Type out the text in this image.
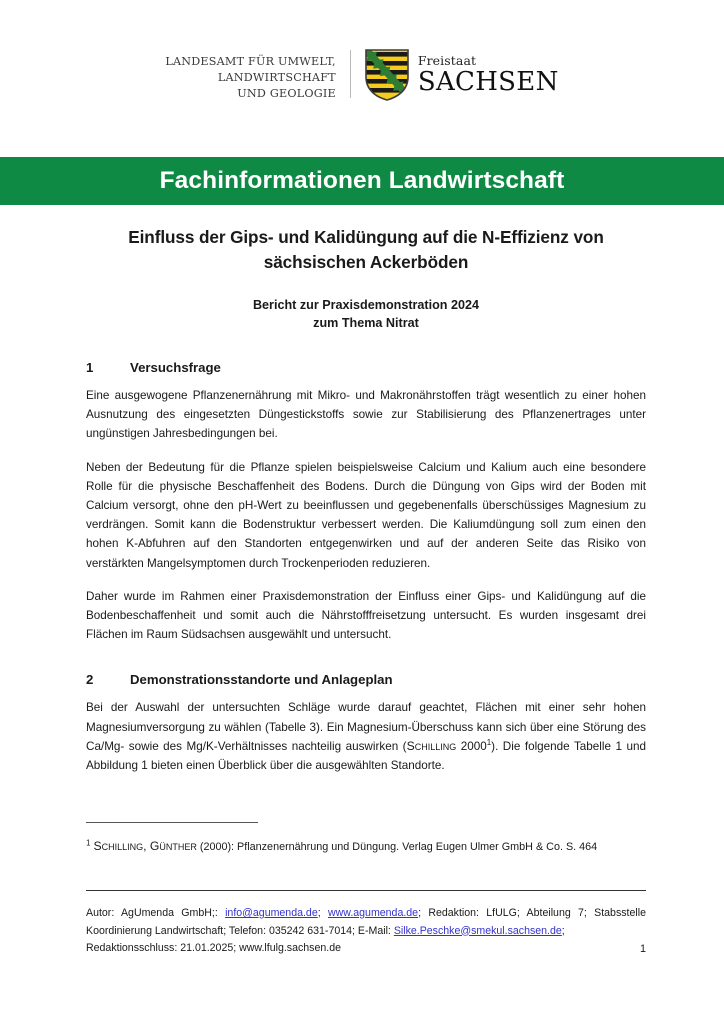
LANDESAMT FÜR UMWELT,
LANDWIRTSCHAFT
UND GEOLOGIE
Freistaat
SACHSEN
Fachinformationen Landwirtschaft
Einfluss der Gips- und Kalidüngung auf die N-Effizienz von sächsischen Ackerböden
Bericht zur Praxisdemonstration 2024
zum Thema Nitrat
1	Versuchsfrage

Eine ausgewogene Pflanzenernährung mit Mikro- und Makronährstoffen trägt wesentlich zu einer hohen Ausnutzung des eingesetzten Düngestickstoffs sowie zur Stabilisierung des Pflanzenertrages unter ungünstigen Jahresbedingungen bei.

Neben der Bedeutung für die Pflanze spielen beispielsweise Calcium und Kalium auch eine besondere Rolle für die physische Beschaffenheit des Bodens. Durch die Düngung von Gips wird der Boden mit Calcium versorgt, ohne den pH-Wert zu beeinflussen und gegebenenfalls überschüssiges Magnesium zu verdrängen. Somit kann die Bodenstruktur verbessert werden. Die Kaliumdüngung soll zum einen den hohen K-Abfuhren auf den Standorten entgegenwirken und auf der anderen Seite das Risiko von verstärkten Mangelsymptomen durch Trockenperioden reduzieren.

Daher wurde im Rahmen einer Praxisdemonstration der Einfluss einer Gips- und Kalidüngung auf die Bodenbeschaffenheit und somit auch die Nährstofffreisetzung untersucht. Es wurden insgesamt drei Flächen im Raum Südsachsen ausgewählt und untersucht.

2	Demonstrationsstandorte und Anlageplan

Bei der Auswahl der untersuchten Schläge wurde darauf geachtet, Flächen mit einer sehr hohen Magnesiumversorgung zu wählen (Tabelle 3). Ein Magnesium-Überschuss kann sich über eine Störung des Ca/Mg- sowie des Mg/K-Verhältnisses nachteilig auswirken (Schilling 2000$^1$). Die folgende Tabelle 1 und Abbildung 1 bieten einen Überblick über die ausgewählten Standorte.

$^1$ Schilling, Günther (2000): Pflanzenernährung und Düngung. Verlag Eugen Ulmer GmbH & Co. S. 464

Autor: AgUmenda GmbH;: info@agumenda.de; www.agumenda.de; Redaktion: LfULG; Abteilung 7; Stabsstelle Koordinierung Landwirtschaft; Telefon: 035242 631-7014; E-Mail: Silke.Peschke@smekul.sachsen.de;

Redaktionsschluss: 21.01.2025; www.lfulg.sachsen.de	1
